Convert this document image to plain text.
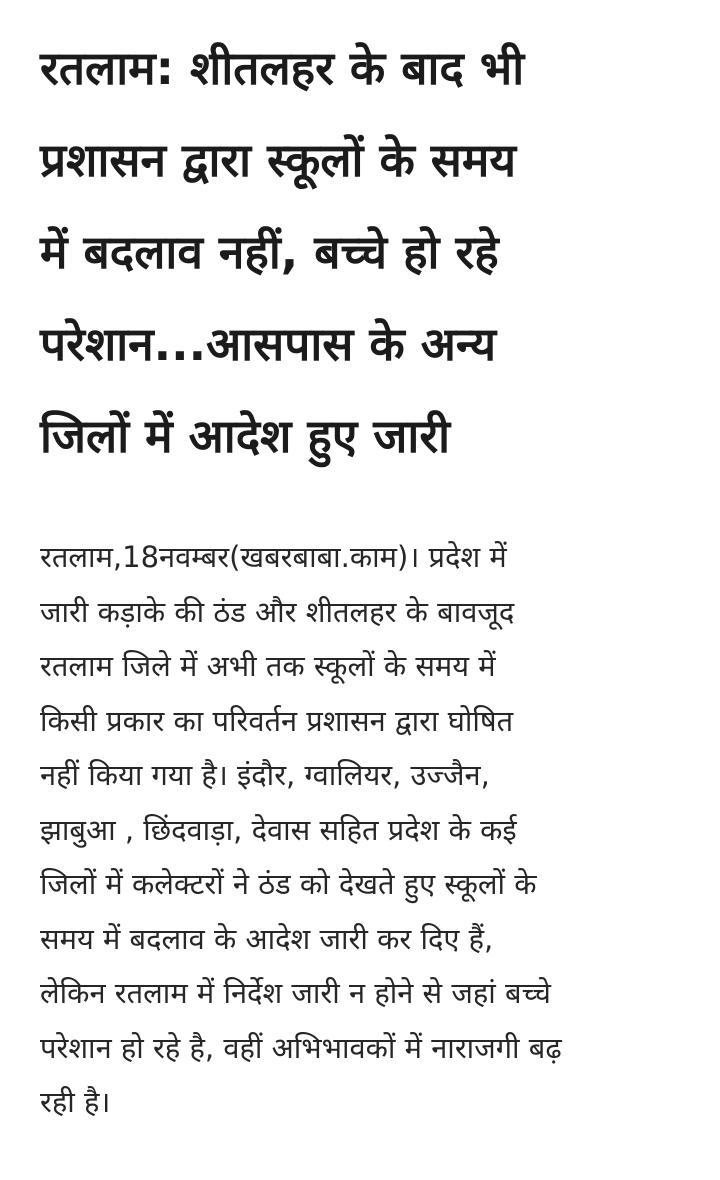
रतलाम: शीतलहर के बाद भी
प्रशासन द्वारा स्कूलों के समय
में बदलाव नहीं, बच्चे हो रहे
परेशान...आसपास के अन्य
जिलों में आदेश हुए जारी

रतलाम,18नवम्बर(खबरबाबा.काम)। प्रदेश में
जारी कड़ाके की ठंड और शीतलहर के बावजूद
रतलाम जिले में अभी तक स्कूलों के समय में
किसी प्रकार का परिवर्तन प्रशासन द्वारा घोषित
नहीं किया गया है। इंदौर, ग्वालियर, उज्जैन,
झाबुआ , छिंदवाड़ा, देवास सहित प्रदेश के कई
जिलों में कलेक्टरों ने ठंड को देखते हुए स्कूलों के
समय में बदलाव के आदेश जारी कर दिए हैं,
लेकिन रतलाम में निर्देश जारी न होने से जहां बच्चे
परेशान हो रहे है, वहीं अभिभावकों में नाराजगी बढ़
रही है।
